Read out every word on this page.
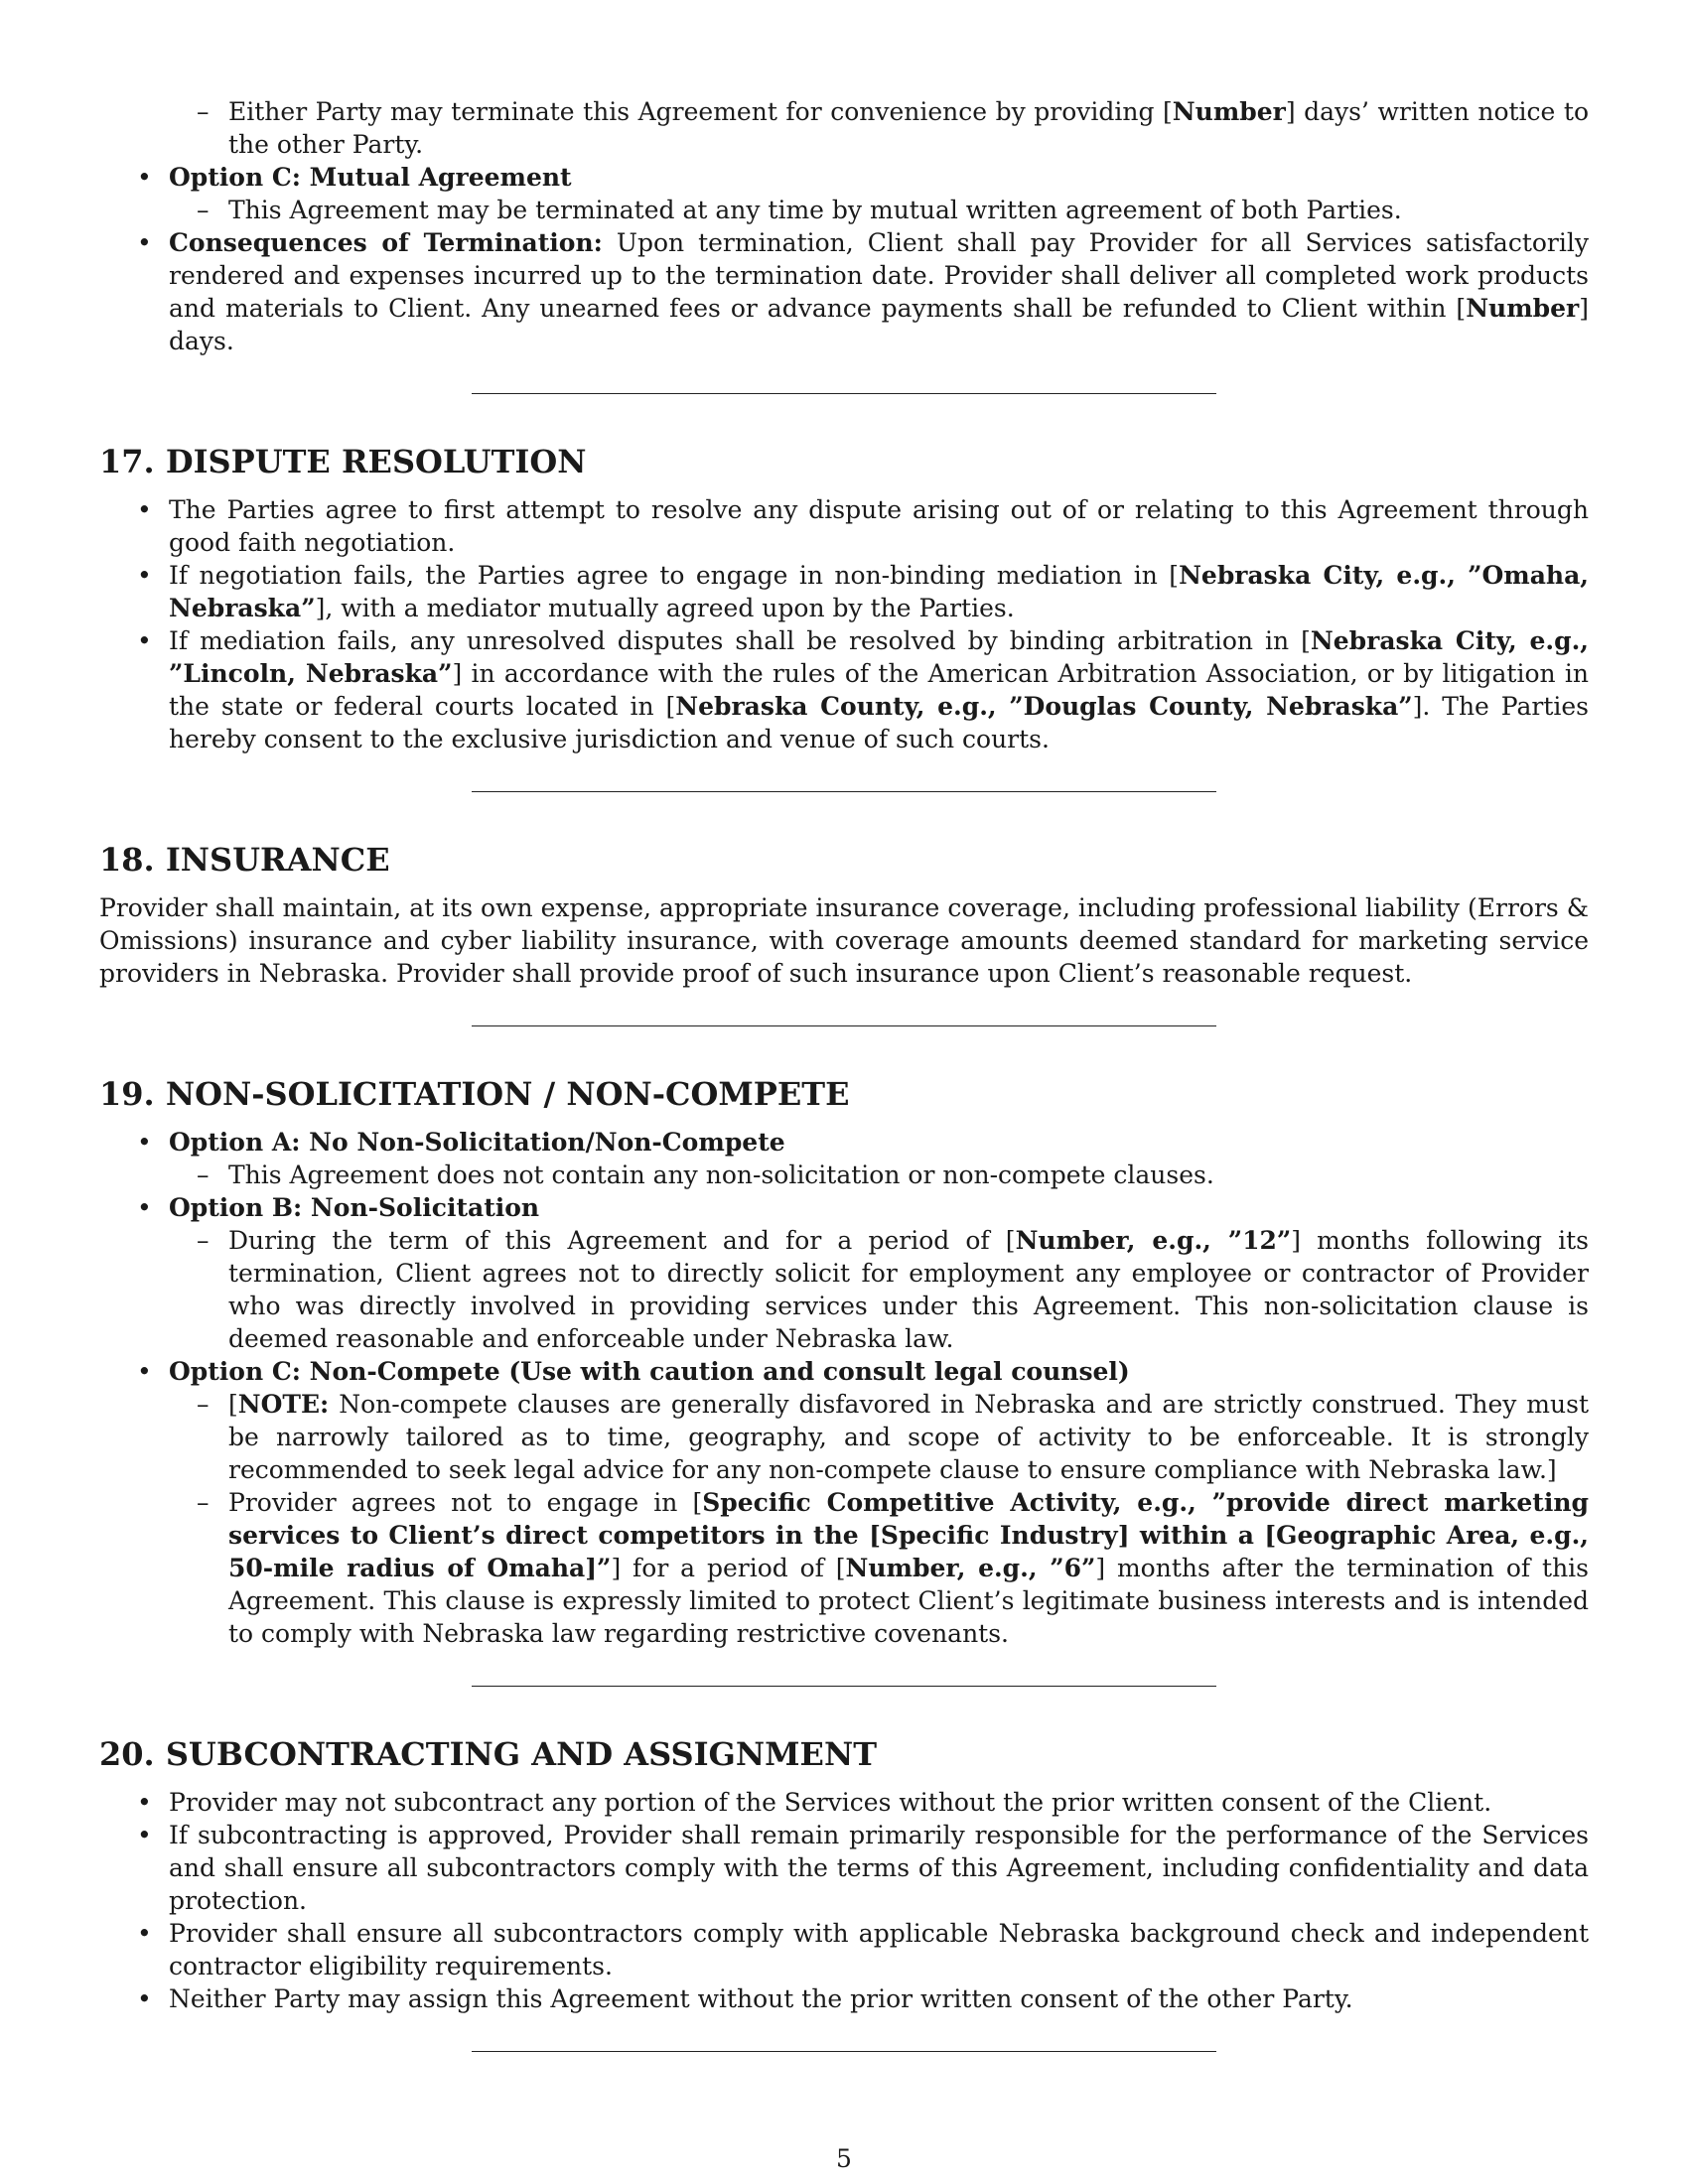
– Either Party may terminate this Agreement for convenience by providing [Number] days’ written notice to the other Party.
• Option C: Mutual Agreement
– This Agreement may be terminated at any time by mutual written agreement of both Parties.
• Consequences of Termination: Upon termination, Client shall pay Provider for all Services satisfactorily rendered and expenses incurred up to the termination date. Provider shall deliver all completed work products and materials to Client. Any unearned fees or advance payments shall be refunded to Client within [Number] days.
17. DISPUTE RESOLUTION
• The Parties agree to first attempt to resolve any dispute arising out of or relating to this Agreement through good faith negotiation.
• If negotiation fails, the Parties agree to engage in non-binding mediation in [Nebraska City, e.g., ”Omaha, Nebraska”], with a mediator mutually agreed upon by the Parties.
• If mediation fails, any unresolved disputes shall be resolved by binding arbitration in [Nebraska City, e.g., ”Lincoln, Nebraska”] in accordance with the rules of the American Arbitration Association, or by litigation in the state or federal courts located in [Nebraska County, e.g., ”Douglas County, Nebraska”]. The Parties hereby consent to the exclusive jurisdiction and venue of such courts.
18. INSURANCE

Provider shall maintain, at its own expense, appropriate insurance coverage, including professional liability (Errors & Omissions) insurance and cyber liability insurance, with coverage amounts deemed standard for marketing service providers in Nebraska. Provider shall provide proof of such insurance upon Client’s reasonable request.

19. NON-SOLICITATION / NON-COMPETE
• Option A: No Non-Solicitation/Non-Compete
– This Agreement does not contain any non-solicitation or non-compete clauses.
• Option B: Non-Solicitation
– During the term of this Agreement and for a period of [Number, e.g., ”12”] months following its termination, Client agrees not to directly solicit for employment any employee or contractor of Provider who was directly involved in providing services under this Agreement. This non-solicitation clause is deemed reasonable and enforceable under Nebraska law.
• Option C: Non-Compete (Use with caution and consult legal counsel)
– [NOTE: Non-compete clauses are generally disfavored in Nebraska and are strictly construed. They must be narrowly tailored as to time, geography, and scope of activity to be enforceable. It is strongly recommended to seek legal advice for any non-compete clause to ensure compliance with Nebraska law.]
– Provider agrees not to engage in [Specific Competitive Activity, e.g., ”provide direct marketing services to Client’s direct competitors in the [Specific Industry] within a [Geographic Area, e.g., 50-mile radius of Omaha]”] for a period of [Number, e.g., ”6”] months after the termination of this Agreement. This clause is expressly limited to protect Client’s legitimate business interests and is intended to comply with Nebraska law regarding restrictive covenants.
20. SUBCONTRACTING AND ASSIGNMENT
• Provider may not subcontract any portion of the Services without the prior written consent of the Client.
• If subcontracting is approved, Provider shall remain primarily responsible for the performance of the Services and shall ensure all subcontractors comply with the terms of this Agreement, including confidentiality and data protection.
• Provider shall ensure all subcontractors comply with applicable Nebraska background check and independent contractor eligibility requirements.
• Neither Party may assign this Agreement without the prior written consent of the other Party.
5
